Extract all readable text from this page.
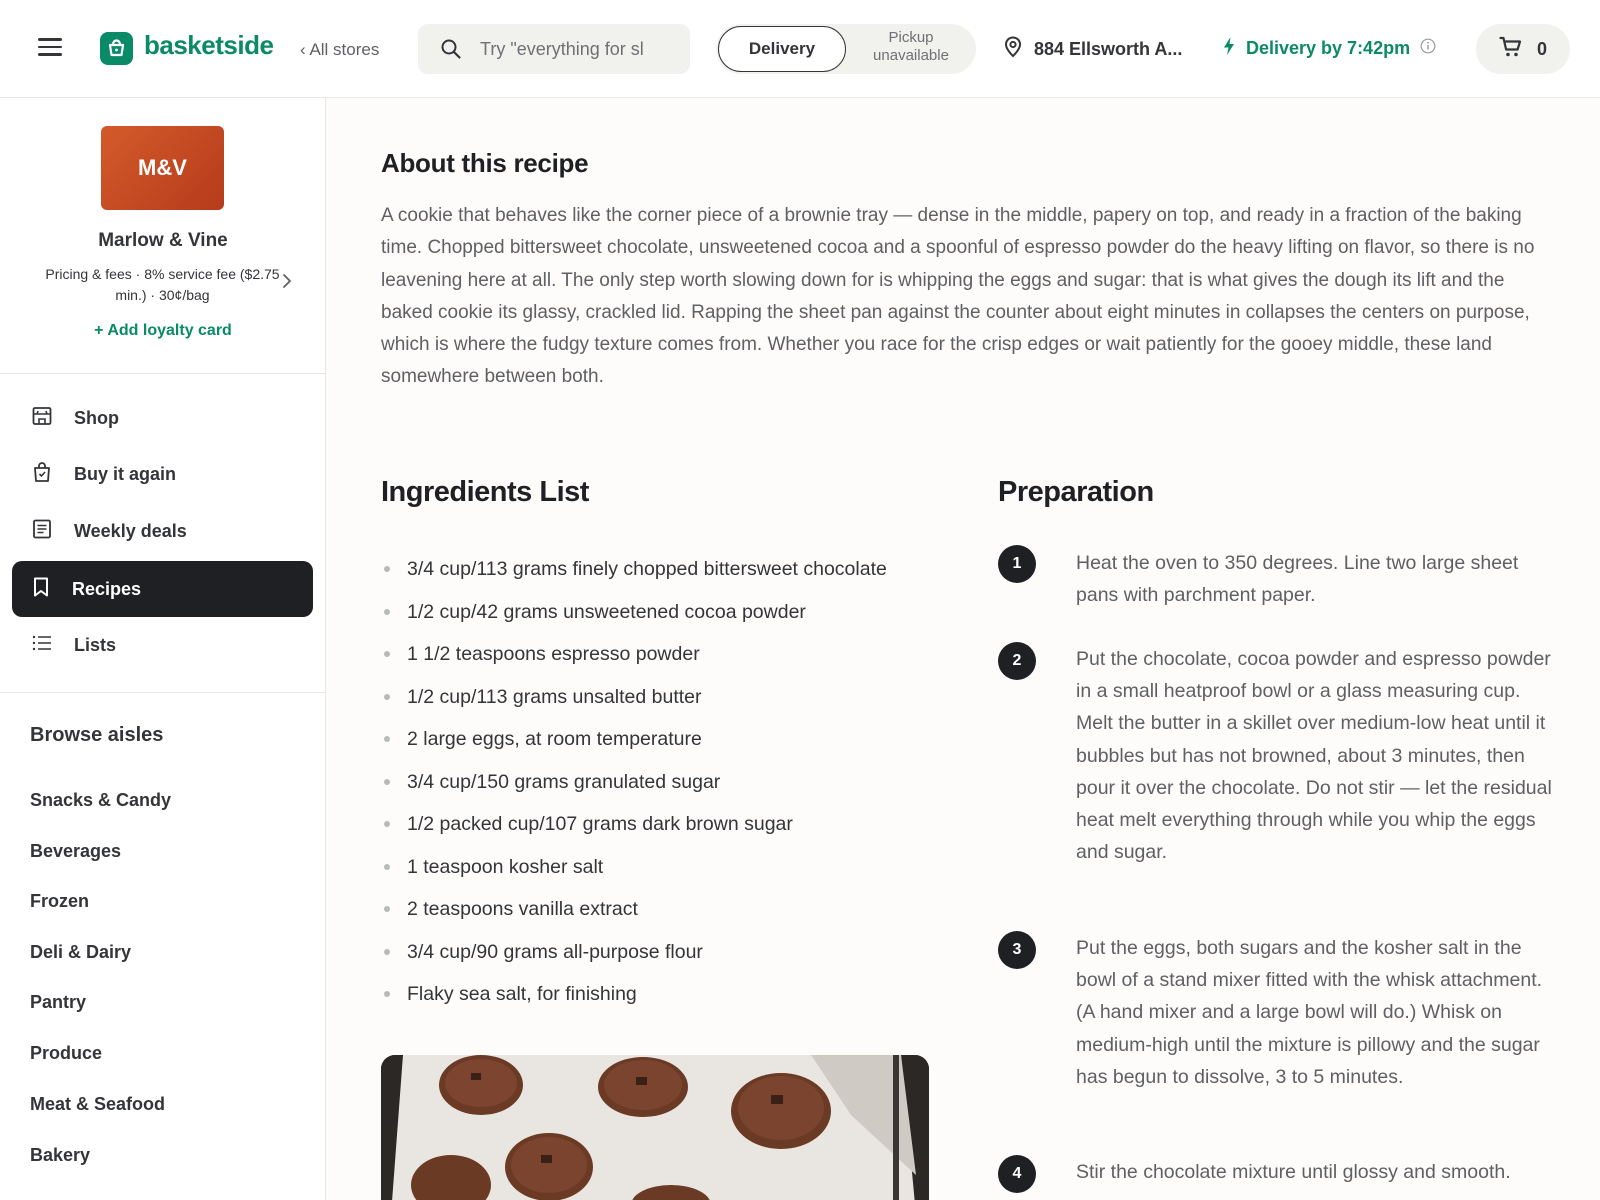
basketside ‹ All stores
Try "everything for sl	Delivery
Pickup unavailable	884 Ellsworth A...	Delivery by 7:42pm	0
M&V
Marlow & Vine
Pricing & fees · 8% service fee ($2.75 min.) · 30¢/bag
+ Add loyalty card
Shop
Buy it again
Weekly deals
Recipes
Lists
Browse aisles
Snacks & Candy
Beverages
Frozen
Deli & Dairy
Pantry
Produce
Meat & Seafood
Bakery
About this recipe
A cookie that behaves like the corner piece of a brownie tray — dense in the middle, papery on top, and ready in a fraction of the baking time. Chopped bittersweet chocolate, unsweetened cocoa and a spoonful of espresso powder do the heavy lifting on flavor, so there is no leavening here at all. The only step worth slowing down for is whipping the eggs and sugar: that is what gives the dough its lift and the baked cookie its glassy, crackled lid. Rapping the sheet pan against the counter about eight minutes in collapses the centers on purpose, which is where the fudgy texture comes from. Whether you race for the crisp edges or wait patiently for the gooey middle, these land somewhere between both.
Ingredients List
3/4 cup/113 grams finely chopped bittersweet chocolate
1/2 cup/42 grams unsweetened cocoa powder
1 1/2 teaspoons espresso powder
1/2 cup/113 grams unsalted butter
2 large eggs, at room temperature
3/4 cup/150 grams granulated sugar
1/2 packed cup/107 grams dark brown sugar
1 teaspoon kosher salt
2 teaspoons vanilla extract
3/4 cup/90 grams all-purpose flour
Flaky sea salt, for finishing
Preparation
1	Heat the oven to 350 degrees. Line two large sheet pans with parchment paper.
2	Put the chocolate, cocoa powder and espresso powder in a small heatproof bowl or a glass measuring cup. Melt the butter in a skillet over medium-low heat until it bubbles but has not browned, about 3 minutes, then pour it over the chocolate. Do not stir — let the residual heat melt everything through while you whip the eggs and sugar.
3	Put the eggs, both sugars and the kosher salt in the bowl of a stand mixer fitted with the whisk attachment. (A hand mixer and a large bowl will do.) Whisk on medium-high until the mixture is pillowy and the sugar has begun to dissolve, 3 to 5 minutes.
4	Stir the chocolate mixture until glossy and smooth.
